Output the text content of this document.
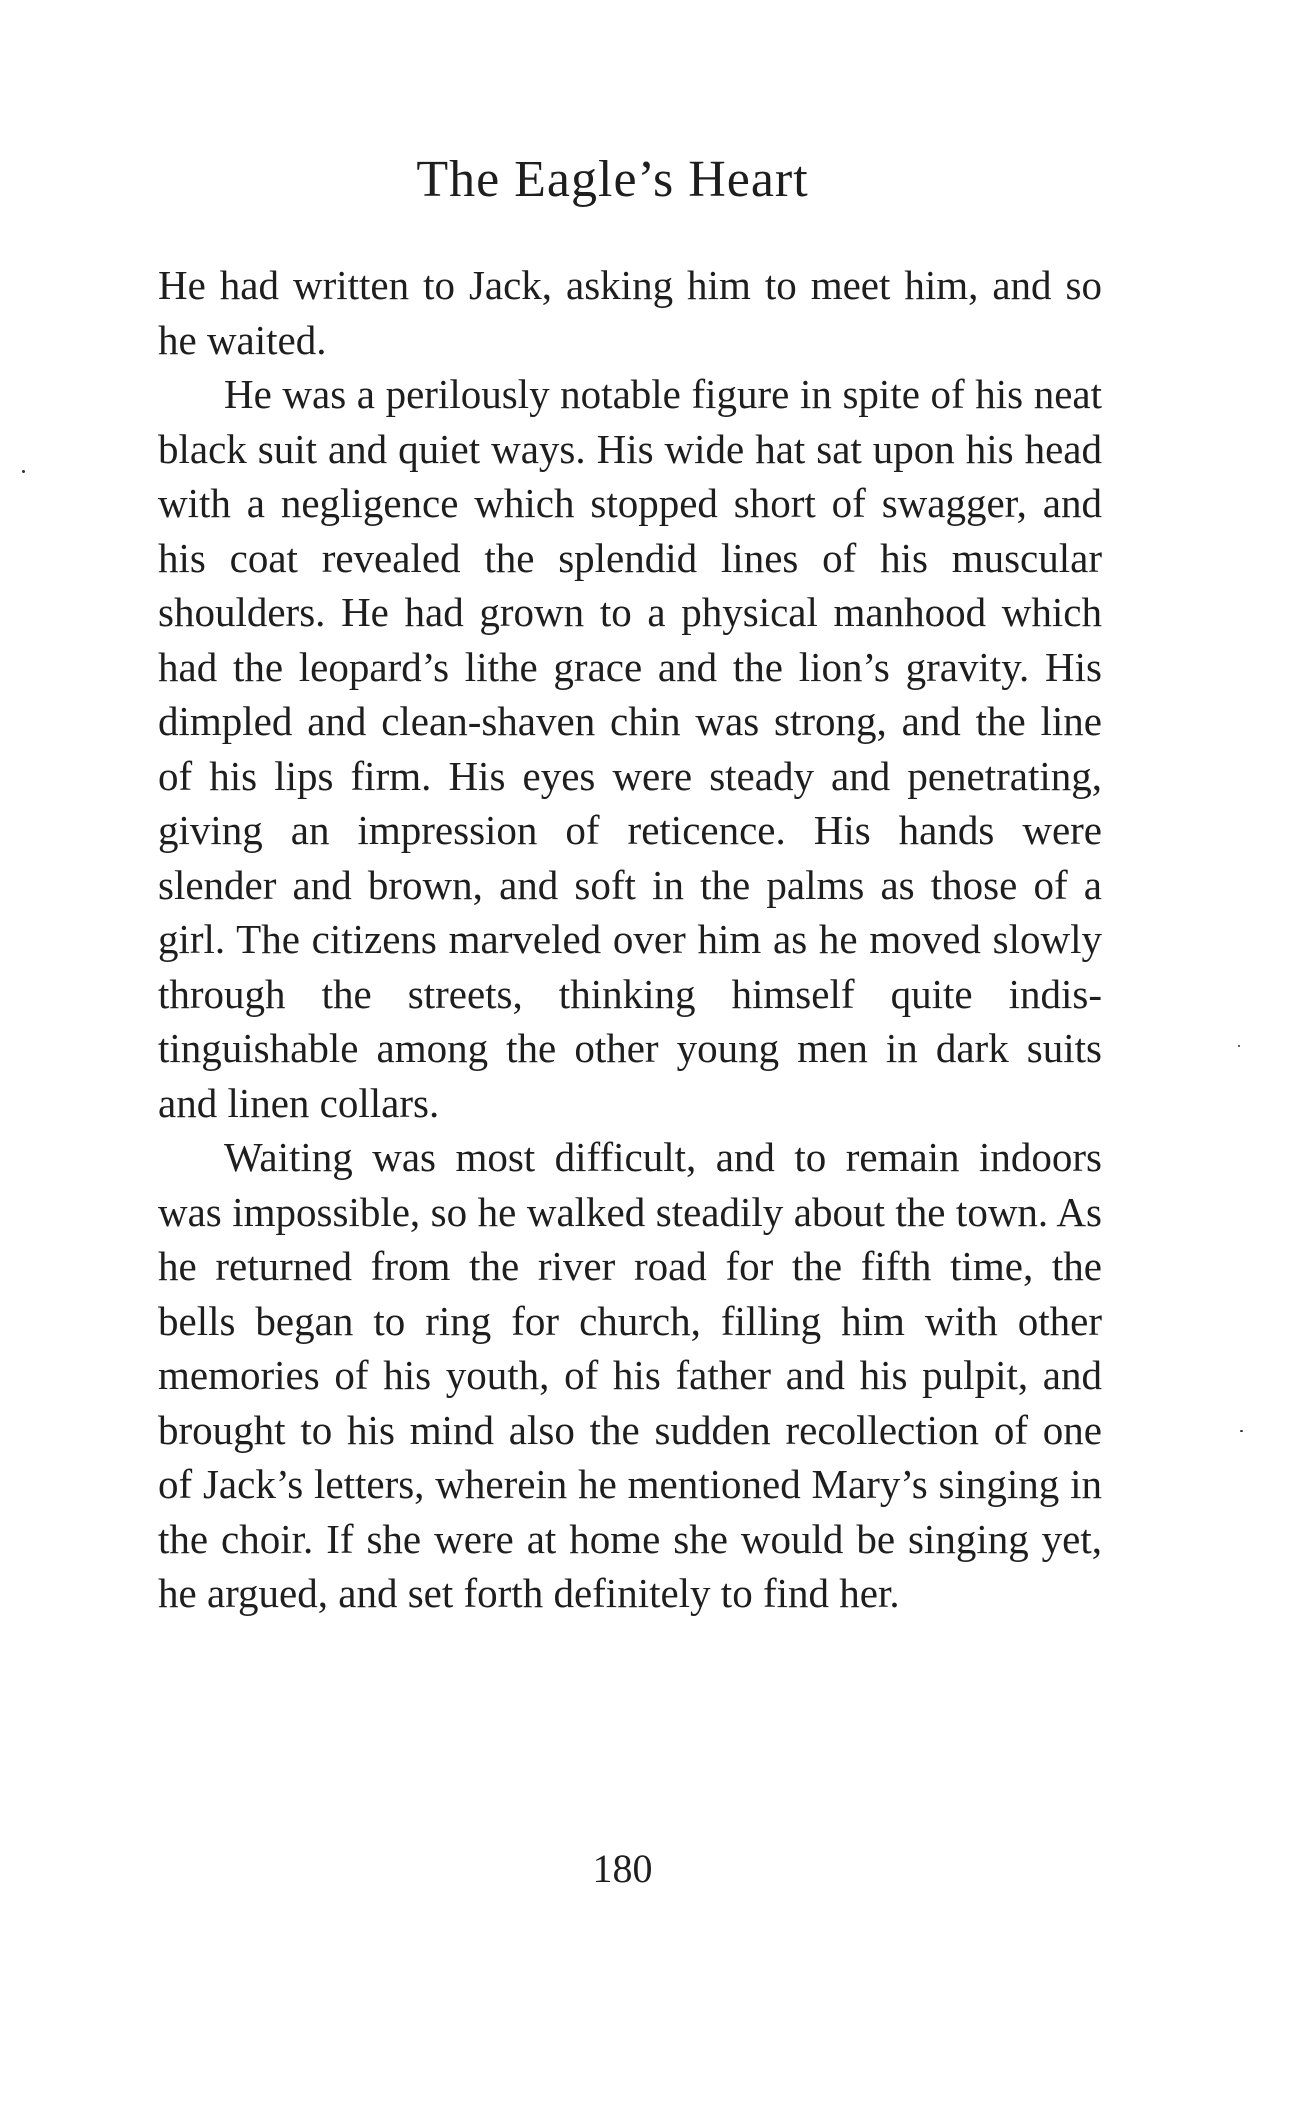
The Eagle’s Heart

He had written to Jack, asking him to meet him, and so he waited.

He was a perilously notable figure in spite of his neat black suit and quiet ways. His wide hat sat upon his head with a negligence which stopped short of swagger, and his coat revealed the splendid lines of his muscular shoulders. He had grown to a physical manhood which had the leopard’s lithe grace and the lion’s gravity. His dimpled and clean-shaven chin was strong, and the line of his lips firm. His eyes were steady and penetrating, giving an impression of reticence. His hands were slender and brown, and soft in the palms as those of a girl. The citizens marveled over him as he moved slowly through the streets, thinking himself quite indistinguishable among the other young men in dark suits and linen collars.

Waiting was most difficult, and to remain indoors was impossible, so he walked steadily about the town. As he returned from the river road for the fifth time, the bells began to ring for church, filling him with other memories of his youth, of his father and his pulpit, and brought to his mind also the sudden recollection of one of Jack’s letters, wherein he mentioned Mary’s singing in the choir. If she were at home she would be singing yet, he argued, and set forth definitely to find her.

180
